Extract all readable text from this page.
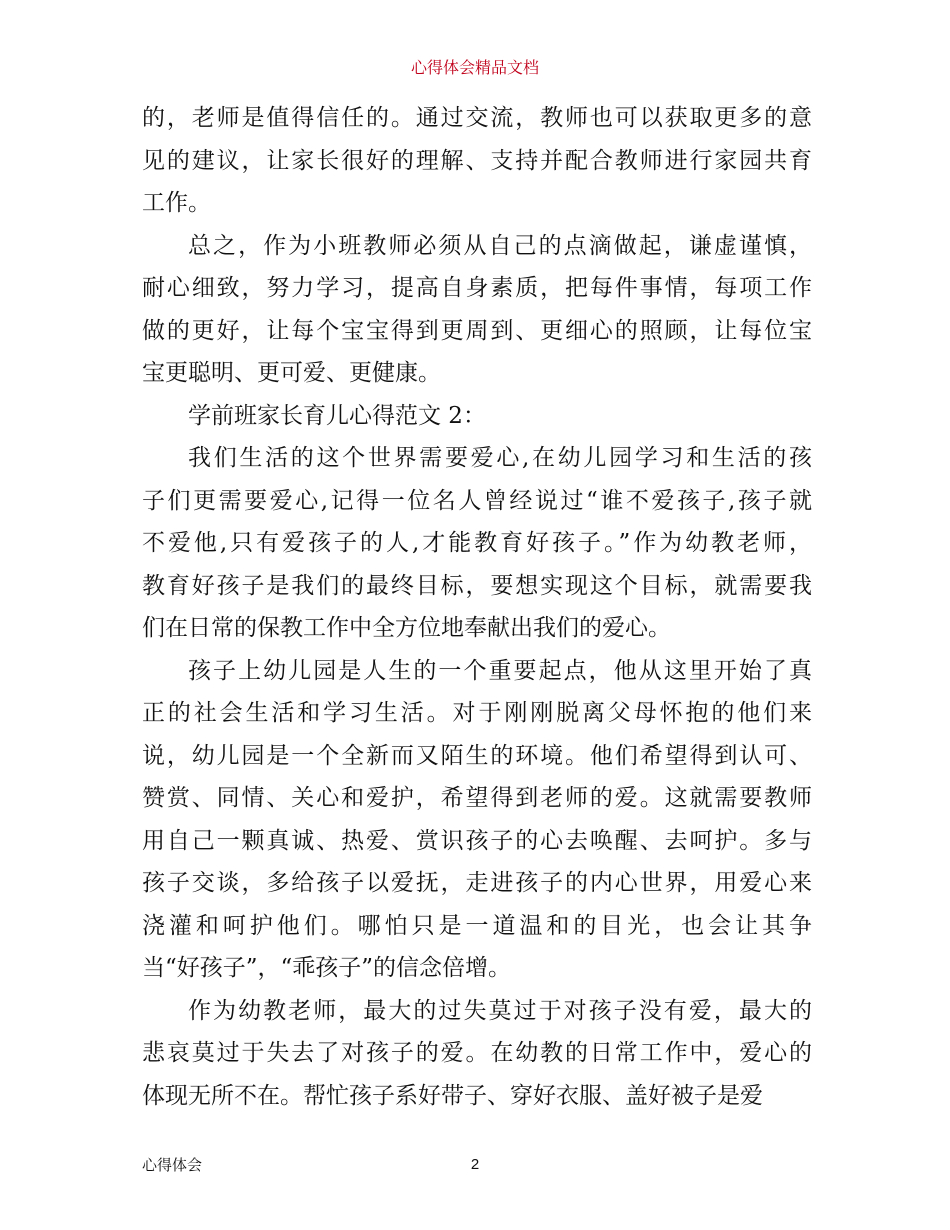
心得体会精品文档
的，老师是值得信任的。通过交流，教师也可以获取更多的意
见的建议，让家长很好的理解、支持并配合教师进行家园共育
工作。
总之，作为小班教师必须从自己的点滴做起，谦虚谨慎，
耐心细致，努力学习，提高自身素质，把每件事情，每项工作
做的更好，让每个宝宝得到更周到、更细心的照顾，让每位宝
宝更聪明、更可爱、更健康。
学前班家长育儿心得范文 2：
我们生活的这个世界需要爱心,在幼儿园学习和生活的孩
子们更需要爱心,记得一位名人曾经说过“谁不爱孩子,孩子就
不爱他,只有爱孩子的人,才能教育好孩子。”作为幼教老师，
教育好孩子是我们的最终目标，要想实现这个目标，就需要我
们在日常的保教工作中全方位地奉献出我们的爱心。
孩子上幼儿园是人生的一个重要起点，他从这里开始了真
正的社会生活和学习生活。对于刚刚脱离父母怀抱的他们来
说，幼儿园是一个全新而又陌生的环境。他们希望得到认可、
赞赏、同情、关心和爱护，希望得到老师的爱。这就需要教师
用自己一颗真诚、热爱、赏识孩子的心去唤醒、去呵护。多与
孩子交谈，多给孩子以爱抚，走进孩子的内心世界，用爱心来
浇灌和呵护他们。哪怕只是一道温和的目光，也会让其争
当“好孩子”，“乖孩子”的信念倍增。
作为幼教老师，最大的过失莫过于对孩子没有爱，最大的
悲哀莫过于失去了对孩子的爱。在幼教的日常工作中，爱心的
体现无所不在。帮忙孩子系好带子、穿好衣服、盖好被子是爱
心得体会	2
